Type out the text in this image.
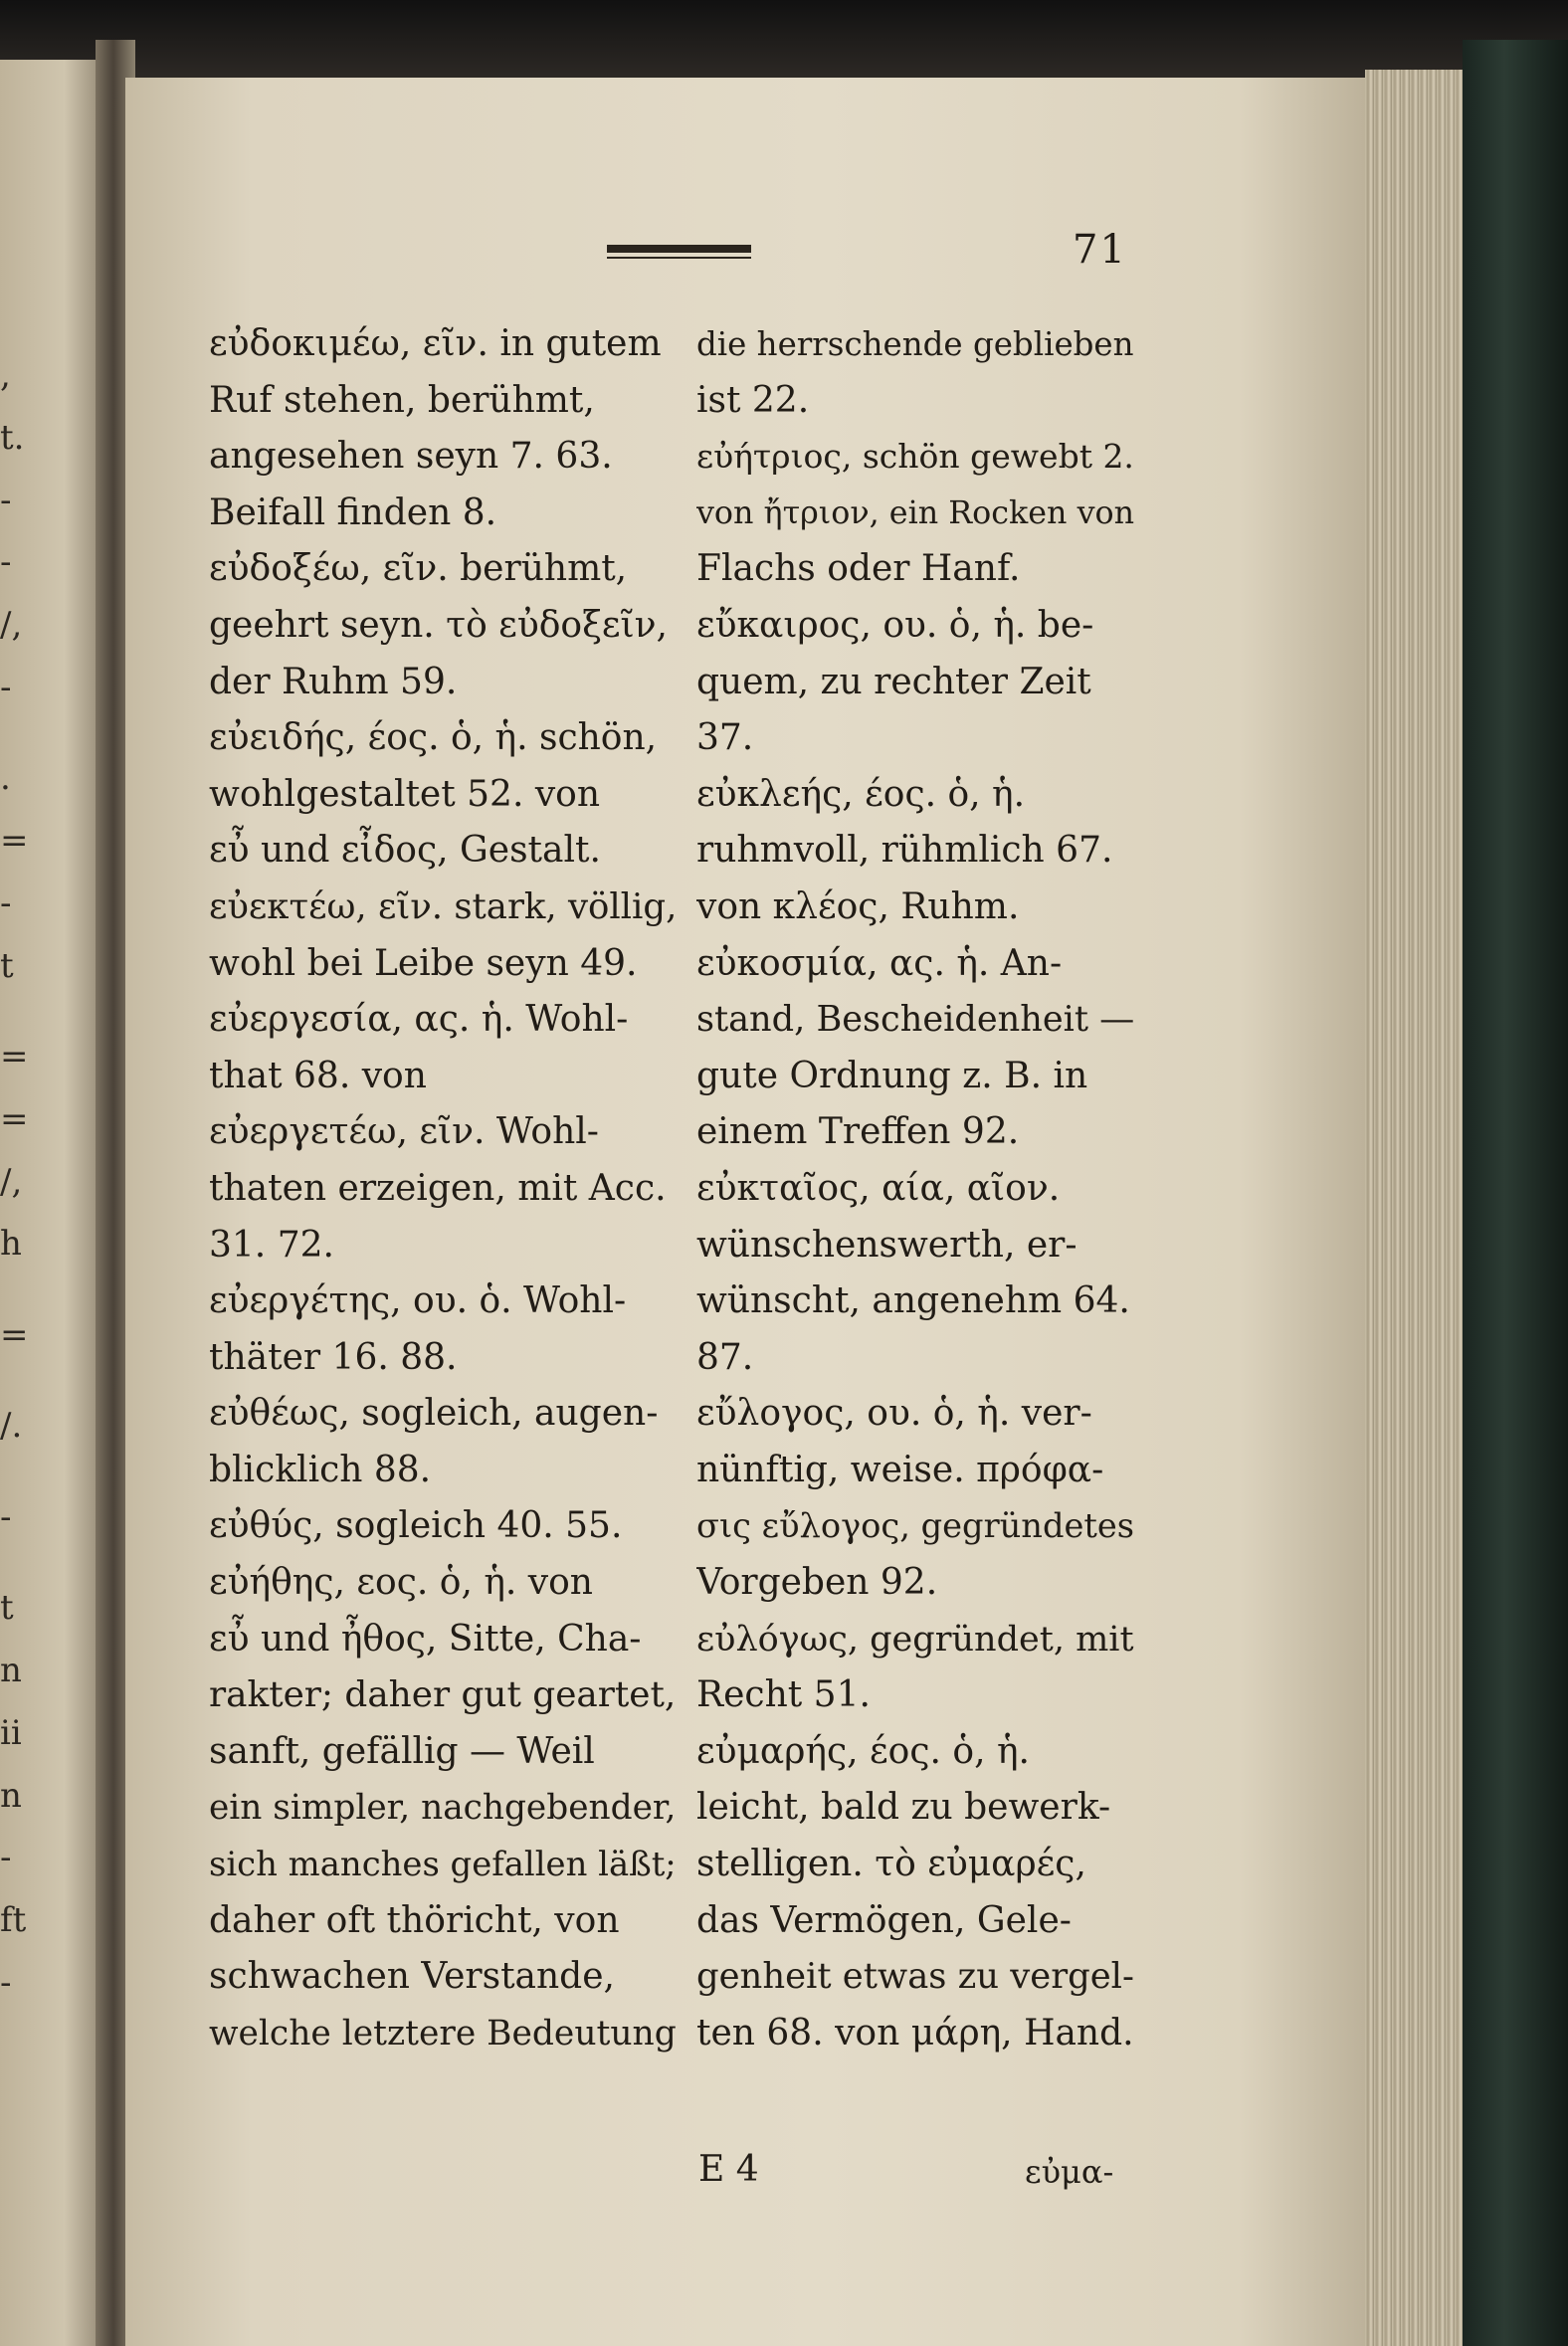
,
t.
-
-
/,
-
.
=
-
t
=
=
/,
h
=
/.
-
t
n
ii
n
-
ft
-
71
εὐδοκιμέω, εῖν. in gutem
Ruf stehen, berühmt,
angesehen seyn 7. 63.
Beifall finden 8.
εὐδοξέω, εῖν. berühmt,
geehrt seyn. τὸ εὐδοξεῖν,
der Ruhm 59.
εὐειδής, έος. ὁ, ἡ. schön,
wohlgestaltet 52. von
εὖ und εἶδος, Gestalt.
εὐεκτέω, εῖν. stark, völlig,
wohl bei Leibe seyn 49.
εὐεργεσία, ας. ἡ. Wohl-
that 68. von
εὐεργετέω, εῖν. Wohl-
thaten erzeigen, mit Acc.
31. 72.
εὐεργέτης, ου. ὁ. Wohl-
thäter 16. 88.
εὐθέως, sogleich, augen-
blicklich 88.
εὐθύς, sogleich 40. 55.
εὐήθης, εος. ὁ, ἡ. von
εὖ und ἦθος, Sitte, Cha-
rakter; daher gut geartet,
sanft, gefällig — Weil
ein simpler, nachgebender,
sich manches gefallen läßt;
daher oft thöricht, von
schwachen Verstande,
welche letztere Bedeutung
die herrschende geblieben
ist 22.
εὐήτριος, schön gewebt 2.
von ἤτριον, ein Rocken von
Flachs oder Hanf.
εὔκαιρος, ου. ὁ, ἡ. be-
quem, zu rechter Zeit
37.
εὐκλεής, έος. ὁ, ἡ.
ruhmvoll, rühmlich 67.
von κλέος, Ruhm.
εὐκοσμία, ας. ἡ. An-
stand, Bescheidenheit —
gute Ordnung z. B. in
einem Treffen 92.
εὐκταῖος, αία, αῖον.
wünschenswerth, er-
wünscht, angenehm 64.
87.
εὔλογος, ου. ὁ, ἡ. ver-
nünftig, weise. πρόφα-
σις εὔλογος, gegründetes
Vorgeben 92.
εὐλόγως, gegründet, mit
Recht 51.
εὐμαρής, έος. ὁ, ἡ.
leicht, bald zu bewerk-
stelligen. τὸ εὐμαρές,
das Vermögen, Gele-
genheit etwas zu vergel-
ten 68. von μάρη, Hand.
E 4	εὐμα-
